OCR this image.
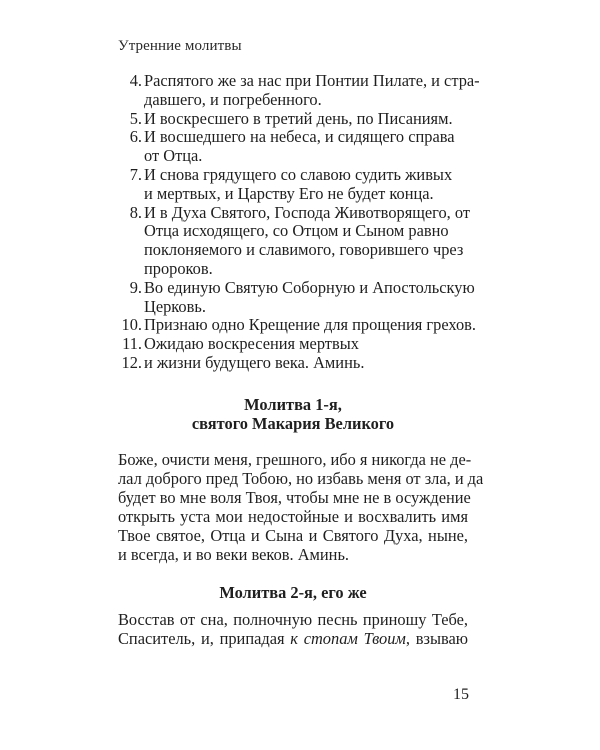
Утренние молитвы
4. Распятого же за нас при Понтии Пилате, и стра-
давшего, и погребенного.
5. И воскресшего в третий день, по Писаниям.
6. И восшедшего на небеса, и сидящего справа
от Отца.
7. И снова грядущего со славою судить живых
и мертвых, и Царству Его не будет конца.
8. И в Духа Святого, Господа Животворящего, от
Отца исходящего, со Отцом и Сыном равно
поклоняемого и славимого, говорившего чрез
пророков.
9. Во единую Святую Соборную и Апостольскую
Церковь.
10. Признаю одно Крещение для прощения грехов.
11. Ожидаю воскресения мертвых
12. и жизни будущего века. Аминь.
Молитва 1-я,
святого Макария Великого
Боже, очисти меня, грешного, ибо я никогда не де-
лал доброго пред Тобою, но избавь меня от зла, и да
будет во мне воля Твоя, чтобы мне не в осуждение
открыть уста мои недостойные и восхвалить имя
Твое святое, Отца и Сына и Святого Духа, ныне,
и всегда, и во веки веков. Аминь.
Молитва 2-я, его же
Восстав от сна, полночную песнь приношу Тебе,
Спаситель, и, припадая к стопам Твоим, взываю
15
